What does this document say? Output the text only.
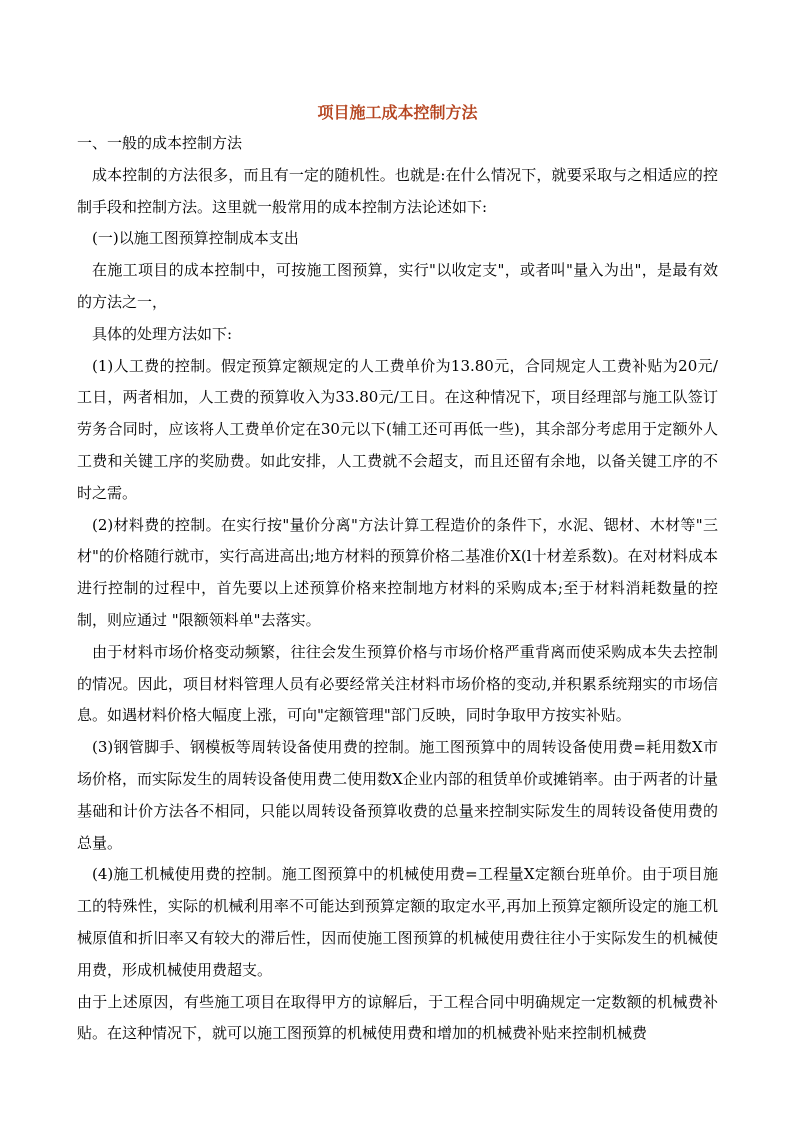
项目施工成本控制方法

一、一般的成本控制方法

成本控制的方法很多，而且有一定的随机性。也就是:在什么情况下，就要采取与之相适应的控制手段和控制方法。这里就一般常用的成本控制方法论述如下:

(一)以施工图预算控制成本支出

在施工项目的成本控制中，可按施工图预算，实行"以收定支"，或者叫"量入为出"，是最有效的方法之一，

具体的处理方法如下:

(1)人工费的控制。假定预算定额规定的人工费单价为13.80元，合同规定人工费补贴为20元/工日，两者相加，人工费的预算收入为33.80元/工日。在这种情况下，项目经理部与施工队签订劳务合同时，应该将人工费单价定在30元以下(辅工还可再低一些)，其余部分考虑用于定额外人工费和关键工序的奖励费。如此安排，人工费就不会超支，而且还留有余地，以备关键工序的不时之需。

(2)材料费的控制。在实行按"量价分离"方法计算工程造价的条件下，水泥、锶材、木材等"三材"的价格随行就市，实行高进高出;地方材料的预算价格二基准价X(l十材差系数)。在对材料成本进行控制的过程中，首先要以上述预算价格来控制地方材料的采购成本;至于材料消耗数量的控制，则应通过 "限额领料单"去落实。

由于材料市场价格变动频繁，往往会发生预算价格与市场价格严重背离而使采购成本失去控制的情况。因此，项目材料管理人员有必要经常关注材料市场价格的变动,并积累系统翔实的市场信息。如遇材料价格大幅度上涨，可向"定额管理"部门反映，同时争取甲方按实补贴。

(3)钢管脚手、钢模板等周转设备使用费的控制。施工图预算中的周转设备使用费=耗用数X市场价格，而实际发生的周转设备使用费二使用数X企业内部的租赁单价或摊销率。由于两者的计量基础和计价方法各不相同，只能以周转设备预算收费的总量来控制实际发生的周转设备使用费的总量。

(4)施工机械使用费的控制。施工图预算中的机械使用费=工程量X定额台班单价。由于项目施工的特殊性，实际的机械利用率不可能达到预算定额的取定水平,再加上预算定额所设定的施工机械原值和折旧率又有较大的滞后性，因而使施工图预算的机械使用费往往小于实际发生的机械使用费，形成机械使用费超支。

由于上述原因，有些施工项目在取得甲方的谅解后，于工程合同中明确规定一定数额的机械费补贴。在这种情况下，就可以施工图预算的机械使用费和增加的机械费补贴来控制机械费
